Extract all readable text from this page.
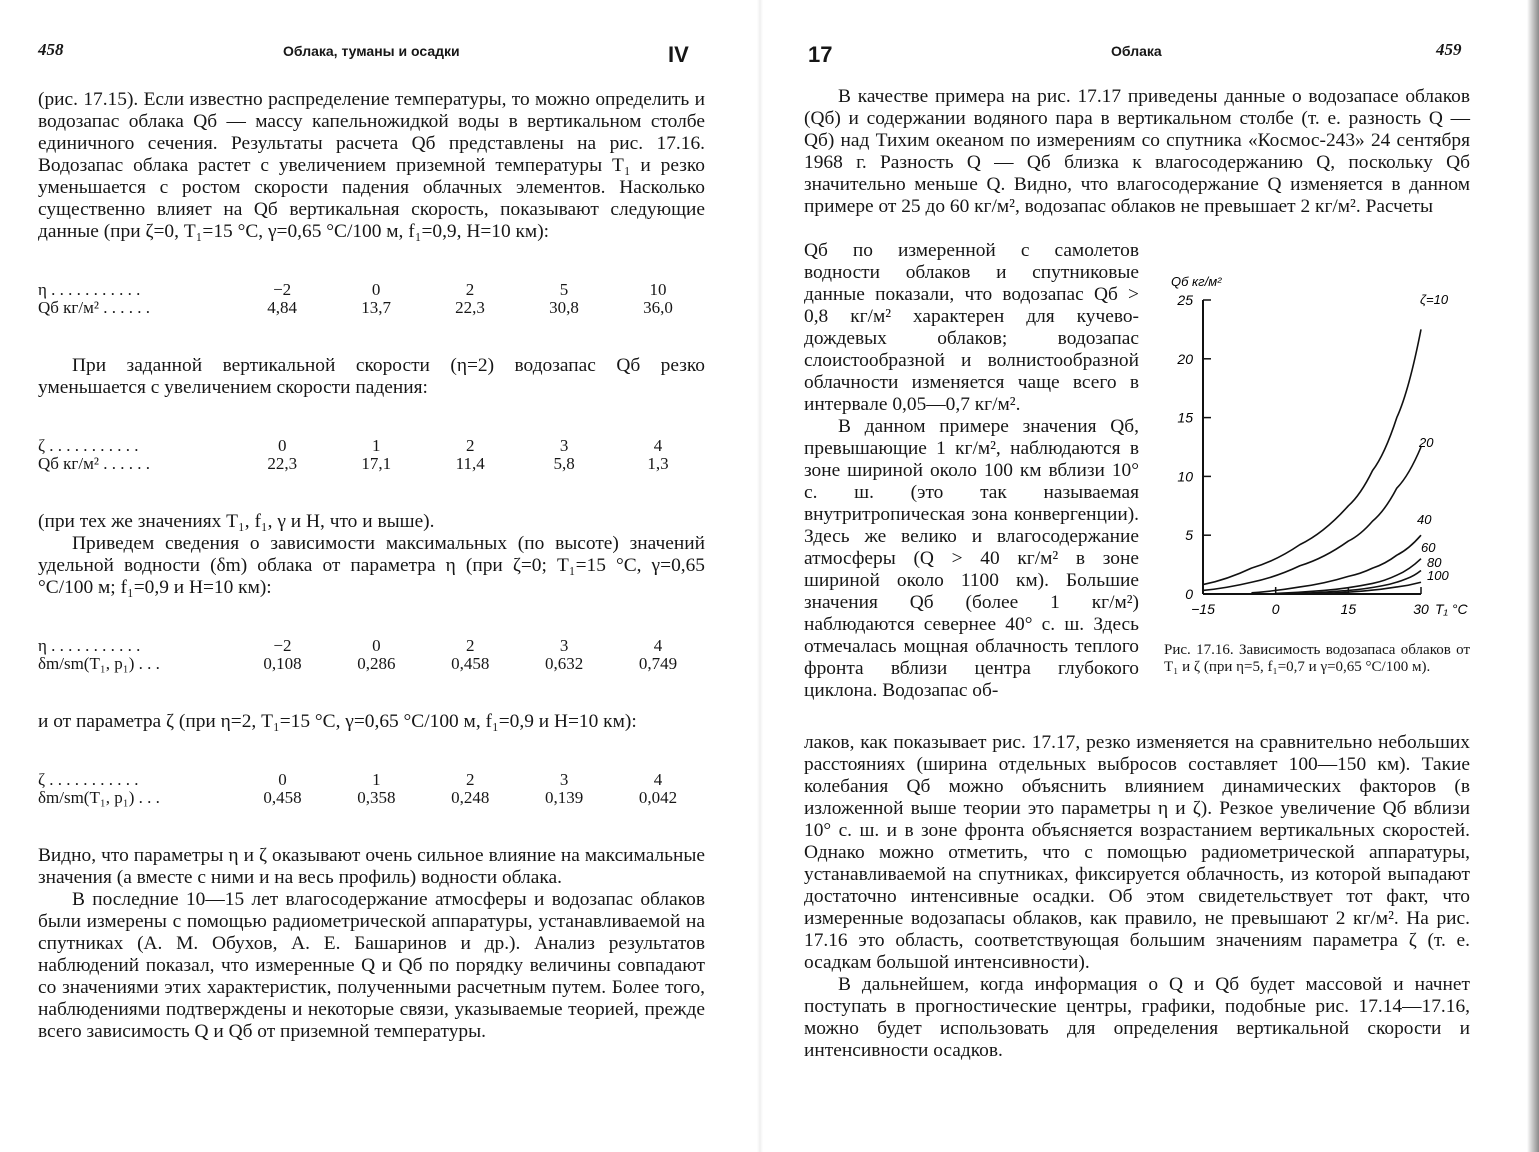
458	Облака, туманы и осадки	IV

(рис. 17.15). Если известно распределение температуры, то можно определить и водозапас облака Qб — массу капельножидкой воды в вертикальном столбе единичного сечения. Результаты расчета Qб представлены на рис. 17.16. Водозапас облака растет с увеличением приземной температуры T₁ и резко уменьшается с ростом скорости падения облачных элементов. Насколько существенно влияет на Qб вертикальная скорость, показывают следующие данные (при ζ=0, T₁=15 °C, γ=0,65 °C/100 м, f₁=0,9, H=10 км):

η . . . . . . . . . . .	−2	0	2	5	10
Qб кг/м² . . . . . .	4,84	13,7	22,3	30,8	36,0

При заданной вертикальной скорости (η=2) водозапас Qб резко уменьшается с увеличением скорости падения:

ζ . . . . . . . . . . .	0	1	2	3	4
Qб кг/м² . . . . . .	22,3	17,1	11,4	5,8	1,3

(при тех же значениях T₁, f₁, γ и H, что и выше).

Приведем сведения о зависимости максимальных (по высоте) значений удельной водности (δm) облака от параметра η (при ζ=0; T₁=15 °C, γ=0,65 °C/100 м; f₁=0,9 и H=10 км):

η . . . . . . . . . . .	−2	0	2	3	4
δm/sm(T₁, p₁) . . .	0,108	0,286	0,458	0,632	0,749

и от параметра ζ (при η=2, T₁=15 °C, γ=0,65 °C/100 м, f₁=0,9 и H=10 км):

ζ . . . . . . . . . . .	0	1	2	3	4
δm/sm(T₁, p₁) . . .	0,458	0,358	0,248	0,139	0,042

Видно, что параметры η и ζ оказывают очень сильное влияние на максимальные значения (а вместе с ними и на весь профиль) водности облака.

В последние 10—15 лет влагосодержание атмосферы и водозапас облаков были измерены с помощью радиометрической аппаратуры, устанавливаемой на спутниках (А. М. Обухов, А. Е. Башаринов и др.). Анализ результатов наблюдений показал, что измеренные Q и Qб по порядку величины совпадают со значениями этих характеристик, полученными расчетным путем. Более того, наблюдениями подтверждены и некоторые связи, указываемые теорией, прежде всего зависимость Q и Qб от приземной температуры.

17	Облака	459

В качестве примера на рис. 17.17 приведены данные о водозапасе облаков (Qб) и содержании водяного пара в вертикальном столбе (т. е. разность Q — Qб) над Тихим океаном по измерениям со спутника «Космос-243» 24 сентября 1968 г. Разность Q — Qб близка к влагосодержанию Q, поскольку Qб значительно меньше Q. Видно, что влагосодержание Q изменяется в данном примере от 25 до 60 кг/м², водозапас облаков не превышает 2 кг/м². Расчеты

Qб по измеренной с самолетов водности облаков и спутниковые данные показали, что водозапас Qб > 0,8 кг/м² характерен для кучево-дождевых облаков; водозапас слоистообразной и волнистообразной облачности изменяется чаще всего в интервале 0,05—0,7 кг/м².

В данном примере значения Qб, превышающие 1 кг/м², наблюдаются в зоне шириной около 100 км вблизи 10° с. ш. (это так называемая внутритропическая зона конвергенции). Здесь же велико и влагосодержание атмосферы (Q > 40 кг/м² в зоне шириной около 1100 км). Большие значения Qб (более 1 кг/м²) наблюдаются севернее 40° с. ш. Здесь отмечалась мощная облачность теплого фронта вблизи центра глубокого циклона. Водозапас об-

лаков, как показывает рис. 17.17, резко изменяется на сравнительно небольших расстояниях (ширина отдельных выбросов составляет 100—150 км). Такие колебания Qб можно объяснить влиянием динамических факторов (в изложенной выше теории это параметры η и ζ). Резкое увеличение Qб вблизи 10° с. ш. и в зоне фронта объясняется возрастанием вертикальных скоростей. Однако можно отметить, что с помощью радиометрической аппаратуры, устанавливаемой на спутниках, фиксируется облачность, из которой выпадают достаточно интенсивные осадки. Об этом свидетельствует тот факт, что измеренные водозапасы облаков, как правило, не превышают 2 кг/м². На рис. 17.16 это область, соответствующая большим значениям параметра ζ (т. е. осадкам большой интенсивности).

В дальнейшем, когда информация о Q и Qб будет массовой и начнет поступать в прогностические центры, графики, подобные рис. 17.14—17.16, можно будет использовать для определения вертикальной скорости и интенсивности осадков.

Qб кг/м²
0
5
10
15
20
25
−15	0	15	30
ζ=10
20
40
60
80
100
T₁ °C
Рис. 17.16. Зависимость водозапаса облаков от T₁ и ζ (при η=5, f₁=0,7 и γ=0,65 °C/100 м).
